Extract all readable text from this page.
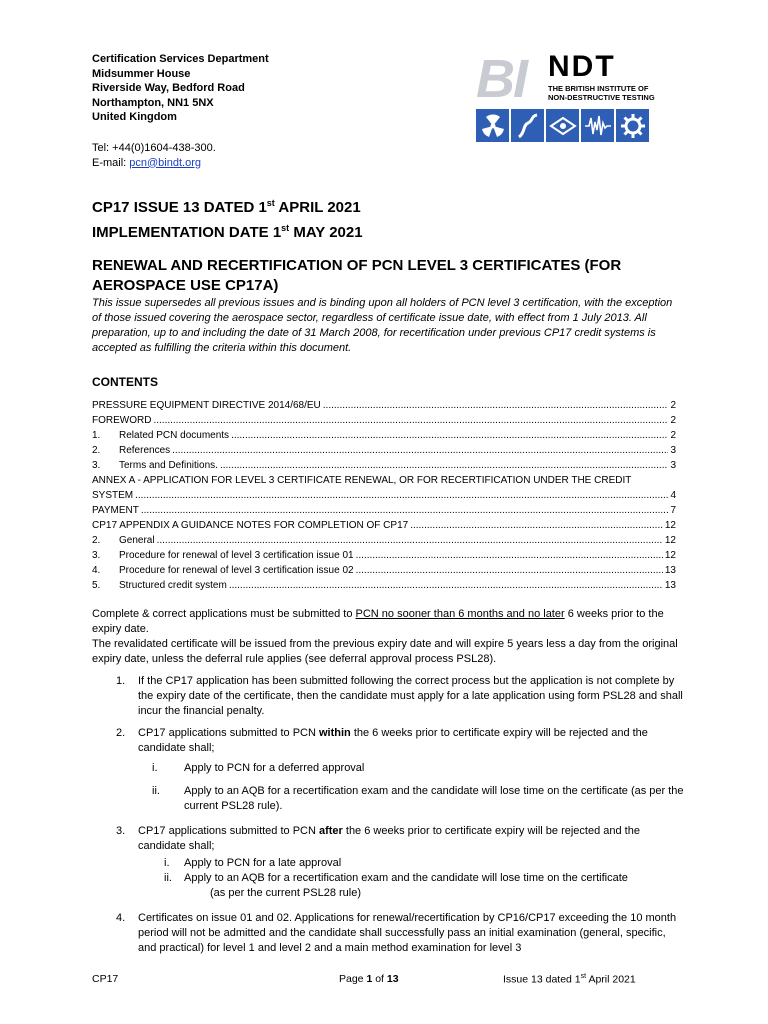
Certification Services Department
Midsummer House
Riverside Way, Bedford Road
Northampton, NN1 5NX
United Kingdom
Tel: +44(0)1604-438-300.
E-mail: pcn@bindt.org
BI NDT
THE BRITISH INSTITUTE OF
NON-DESTRUCTIVE TESTING
CP17 ISSUE 13 DATED 1st APRIL 2021
IMPLEMENTATION DATE 1st MAY 2021
RENEWAL AND RECERTIFICATION OF PCN LEVEL 3 CERTIFICATES (FOR AEROSPACE USE CP17A)
This issue supersedes all previous issues and is binding upon all holders of PCN level 3 certification, with the exception of those issued covering the aerospace sector, regardless of certificate issue date, with effect from 1 July 2013. All preparation, up to and including the date of 31 March 2008, for recertification under previous CP17 credit systems is accepted as fulfilling the criteria within this document.
CONTENTS
PRESSURE EQUIPMENT DIRECTIVE 2014/68/EU .....	2
FOREWORD .....	2
1.	Related PCN documents .....	2
2.	References .....	3
3.	Terms and Definitions. .....	3
ANNEX A - APPLICATION FOR LEVEL 3 CERTIFICATE RENEWAL, OR FOR RECERTIFICATION UNDER THE CREDIT
SYSTEM .....	4
PAYMENT .....	7
CP17 APPENDIX A GUIDANCE NOTES FOR COMPLETION OF CP17 .....	12
2.	General .....	12
3.	Procedure for renewal of level 3 certification issue 01 .....	12
4.	Procedure for renewal of level 3 certification issue 02 .....	13
5.	Structured credit system .....	13
Complete & correct applications must be submitted to PCN no sooner than 6 months and no later 6 weeks prior to the expiry date.
The revalidated certificate will be issued from the previous expiry date and will expire 5 years less a day from the original expiry date, unless the deferral rule applies (see deferral approval process PSL28).
1. If the CP17 application has been submitted following the correct process but the application is not complete by the expiry date of the certificate, then the candidate must apply for a late application using form PSL28 and shall incur the financial penalty.
2. CP17 applications submitted to PCN within the 6 weeks prior to certificate expiry will be rejected and the candidate shall;
i. Apply to PCN for a deferred approval
ii. Apply to an AQB for a recertification exam and the candidate will lose time on the certificate (as per the current PSL28 rule).
3. CP17 applications submitted to PCN after the 6 weeks prior to certificate expiry will be rejected and the candidate shall;
i. Apply to PCN for a late approval
ii. Apply to an AQB for a recertification exam and the candidate will lose time on the certificate
(as per the current PSL28 rule)
4. Certificates on issue 01 and 02. Applications for renewal/recertification by CP16/CP17 exceeding the 10 month period will not be admitted and the candidate shall successfully pass an initial examination (general, specific, and practical) for level 1 and level 2 and a main method examination for level 3
CP17	Page 1 of 13	Issue 13 dated 1st April 2021
